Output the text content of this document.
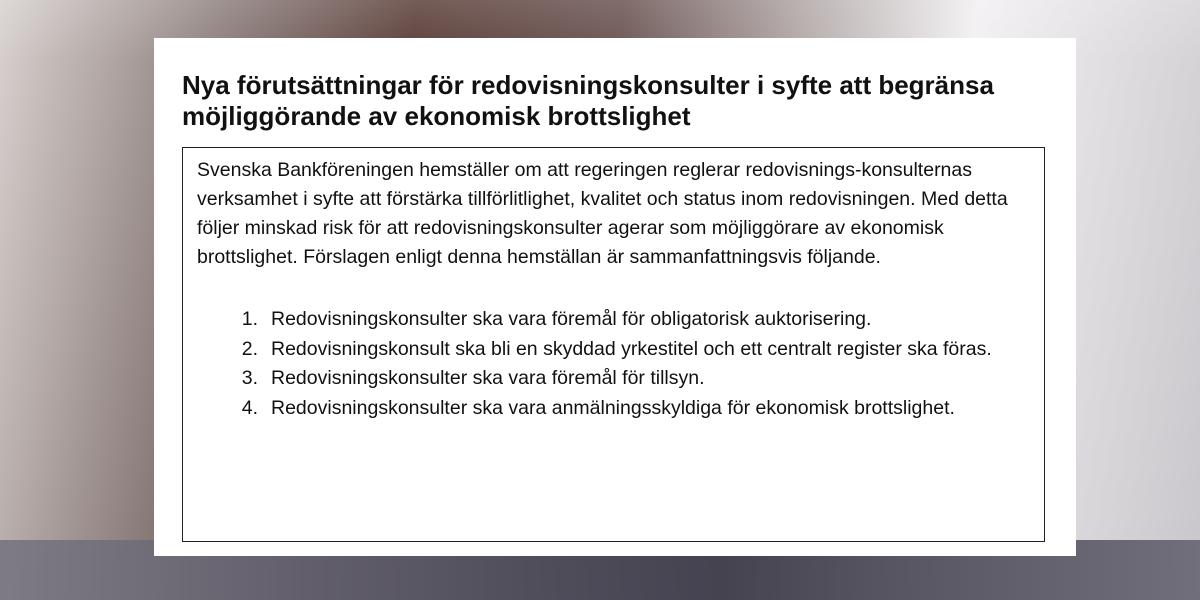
Nya förutsättningar för redovisningskonsulter i syfte att begränsa möjliggörande av ekonomisk brottslighet

Svenska Bankföreningen hemställer om att regeringen reglerar redovisnings-konsulternas verksamhet i syfte att förstärka tillförlitlighet, kvalitet och status inom redovisningen. Med detta följer minskad risk för att redovisningskonsulter agerar som möjliggörare av ekonomisk brottslighet. Förslagen enligt denna hemställan är sammanfattningsvis följande.

1. Redovisningskonsulter ska vara föremål för obligatorisk auktorisering.
2. Redovisningskonsult ska bli en skyddad yrkestitel och ett centralt register ska föras.
3. Redovisningskonsulter ska vara föremål för tillsyn.
4. Redovisningskonsulter ska vara anmälningsskyldiga för ekonomisk brottslighet.
